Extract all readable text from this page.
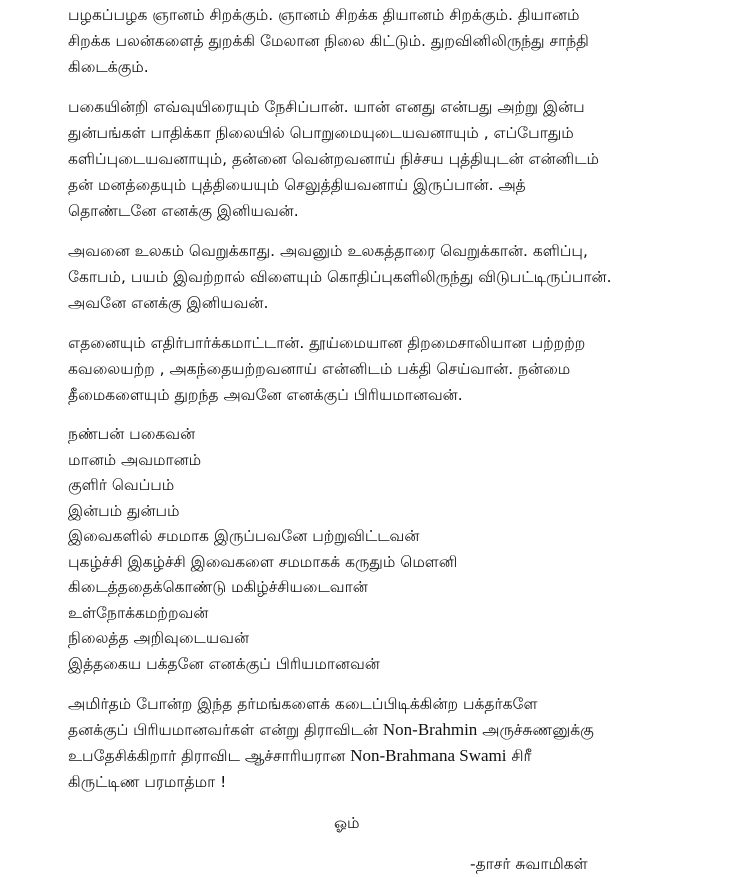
பழகப்பழக ஞானம் சிறக்கும். ஞானம் சிறக்க தியானம் சிறக்கும். தியானம்
சிறக்க பலன்களைத் துறக்கி மேலான நிலை கிட்டும். துறவினிலிருந்து சாந்தி
கிடைக்கும்.

பகையின்றி எவ்வுயிரையும் நேசிப்பான். யான் எனது என்பது அற்று இன்ப
துன்பங்கள் பாதிக்கா நிலையில் பொறுமையுடையவனாயும் , எப்போதும்
களிப்புடையவனாயும், தன்னை வென்றவனாய் நிச்சய புத்தியுடன் என்னிடம்
தன் மனத்தையும் புத்தியையும் செலுத்தியவனாய் இருப்பான். அத்
தொண்டனே எனக்கு இனியவன்.

அவனை உலகம் வெறுக்காது. அவனும் உலகத்தாரை வெறுக்கான். களிப்பு,
கோபம், பயம் இவற்றால் விளையும் கொதிப்புகளிலிருந்து விடுபட்டிருப்பான்.
அவனே எனக்கு இனியவன்.

எதனையும் எதிர்பார்க்கமாட்டான். தூய்மையான திறமைசாலியான பற்றற்ற
கவலையற்ற , அகந்தையற்றவனாய் என்னிடம் பக்தி செய்வான். நன்மை
தீமைகளையும் துறந்த அவனே எனக்குப் பிரியமானவன்.

நண்பன் பகைவன்
மானம் அவமானம்
குளிர் வெப்பம்
இன்பம் துன்பம்
இவைகளில் சமமாக இருப்பவனே பற்றுவிட்டவன்
புகழ்ச்சி இகழ்ச்சி இவைகளை சமமாகக் கருதும் மௌனி
கிடைத்ததைக்கொண்டு மகிழ்ச்சியடைவான்
உள்நோக்கமற்றவன்
நிலைத்த அறிவுடையவன்
இத்தகைய பக்தனே எனக்குப் பிரியமானவன்

அமிர்தம் போன்ற இந்த தர்மங்களைக் கடைப்பிடிக்கின்ற பக்தர்களே
தனக்குப் பிரியமானவர்கள் என்று திராவிடன் Non-Brahmin அருச்சுணனுக்கு
உபதேசிக்கிறார் திராவிட ஆச்சாரியரான Non-Brahmana Swami சிரீ
கிருட்டிண பரமாத்மா !

ஓம்
-தாசர் சுவாமிகள்
